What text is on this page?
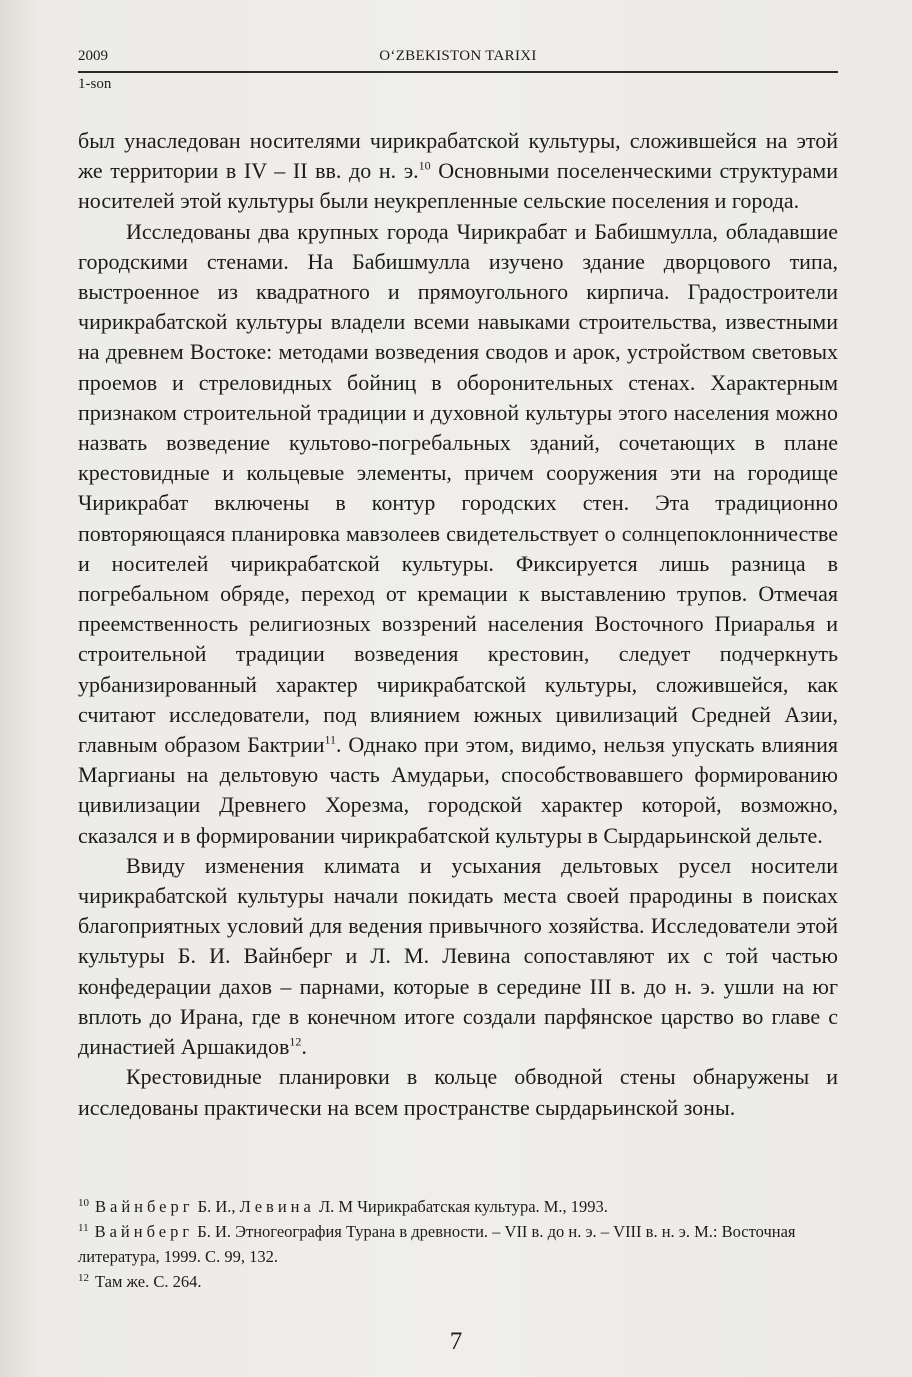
2009	O‘ZBEKISTON TARIXI
1-son

был унаследован носителями чирикрабатской культуры, сложившейся на этой же территории в IV – II вв. до н. э.$^{10}$ Основными поселенческими структурами носителей этой культуры были неукрепленные сельские поселения и города.

Исследованы два крупных города Чирикрабат и Бабишмулла, обладавшие городскими стенами. На Бабишмулла изучено здание дворцового типа, выстроенное из квадратного и прямоугольного кирпича. Градостроители чирикрабатской культуры владели всеми навыками строительства, известными на древнем Востоке: методами возведения сводов и арок, устройством световых проемов и стреловидных бойниц в оборонительных стенах. Характерным признаком строительной традиции и духовной культуры этого населения можно назвать возведение культово-погребальных зданий, сочетающих в плане крестовидные и кольцевые элементы, причем сооружения эти на городище Чирикрабат включены в контур городских стен. Эта традиционно повторяющаяся планировка мавзолеев свидетельствует о солнцепоклонничестве и носителей чирикрабатской культуры. Фиксируется лишь разница в погребальном обряде, переход от кремации к выставлению трупов. Отмечая преемственность религиозных воззрений населения Восточного Приаралья и строительной традиции возведения крестовин, следует подчеркнуть урбанизированный характер чирикрабатской культуры, сложившейся, как считают исследователи, под влиянием южных цивилизаций Средней Азии, главным образом Бактрии$^{11}$. Однако при этом, видимо, нельзя упускать влияния Маргианы на дельтовую часть Амударьи, способствовавшего формированию цивилизации Древнего Хорезма, городской характер которой, возможно, сказался и в формировании чирикрабатской культуры в Сырдарьинской дельте.

Ввиду изменения климата и усыхания дельтовых русел носители чирикрабатской культуры начали покидать места своей прародины в поисках благоприятных условий для ведения привычного хозяйства. Исследователи этой культуры Б. И. Вайнберг и Л. М. Левина сопоставляют их с той частью конфедерации дахов – парнами, которые в середине III в. до н. э. ушли на юг вплоть до Ирана, где в конечном итоге создали парфянское царство во главе с династией Аршакидов$^{12}$.

Крестовидные планировки в кольце обводной стены обнаружены и исследованы практически на всем пространстве сырдарьинской зоны.

$^{10}$ Вайнберг Б. И., Левина Л. М Чирикрабатская культура. М., 1993.

$^{11}$ Вайнберг Б. И. Этногеография Турана в древности. – VII в. до н. э. – VIII в. н. э. М.: Восточная литература, 1999. С. 99, 132.

$^{12}$ Там же. С. 264.

7
